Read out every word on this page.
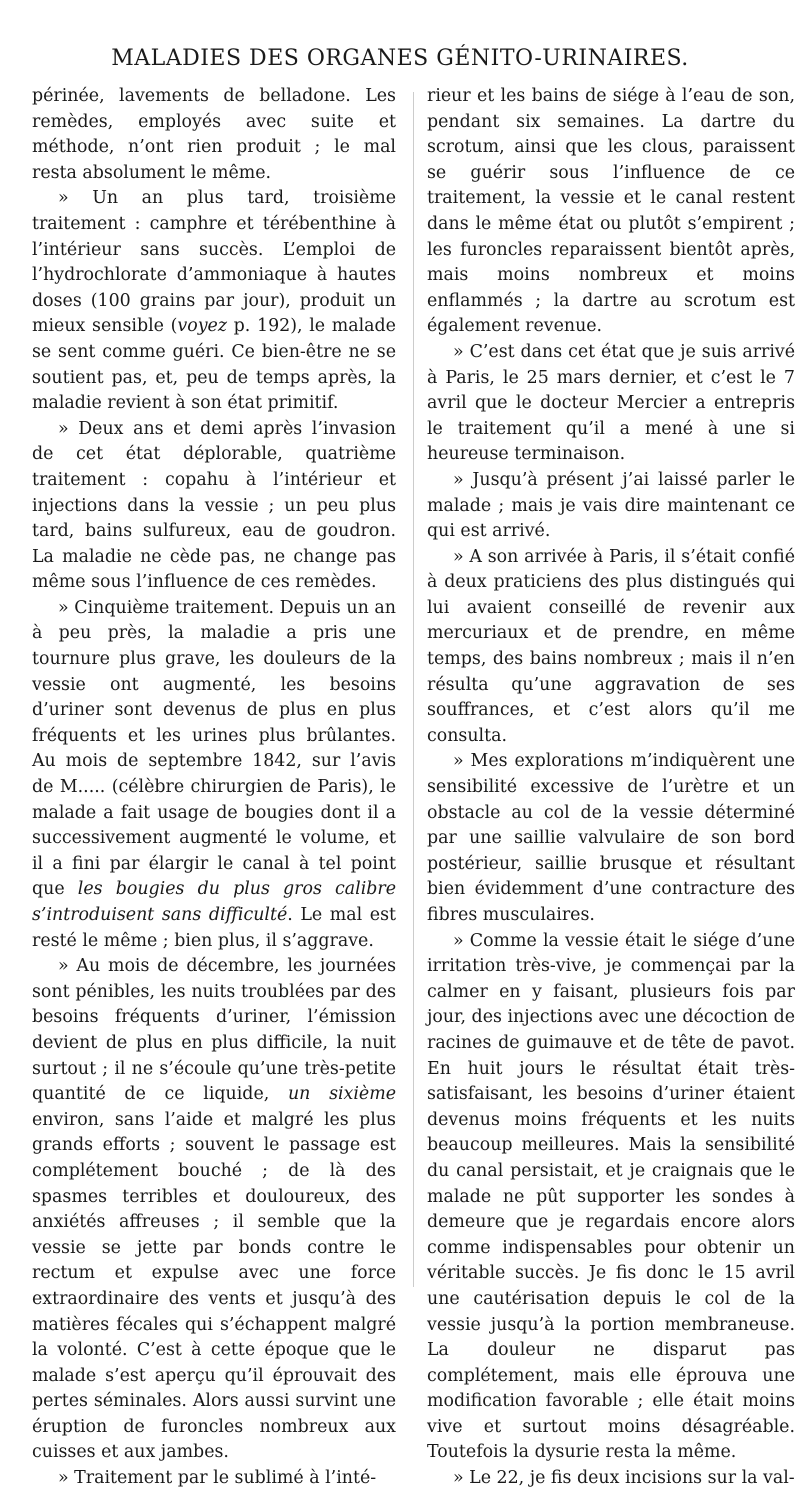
MALADIES DES ORGANES GÉNITO-URINAIRES.

périnée, lavements de belladone. Les remèdes, employés avec suite et méthode, n’ont rien produit ; le mal resta absolument le même.

» Un an plus tard, troisième traitement : camphre et térébenthine à l’intérieur sans succès. L’emploi de l’hydrochlorate d’ammoniaque à hautes doses (100 grains par jour), produit un mieux sensible (voyez p. 192), le malade se sent comme guéri. Ce bien-être ne se soutient pas, et, peu de temps après, la maladie revient à son état primitif.

» Deux ans et demi après l’invasion de cet état déplorable, quatrième traitement : copahu à l’intérieur et injections dans la vessie ; un peu plus tard, bains sulfureux, eau de goudron. La maladie ne cède pas, ne change pas même sous l’influence de ces remèdes.

» Cinquième traitement. Depuis un an à peu près, la maladie a pris une tournure plus grave, les douleurs de la vessie ont augmenté, les besoins d’uriner sont devenus de plus en plus fréquents et les urines plus brûlantes. Au mois de septembre 1842, sur l’avis de M..... (célèbre chirurgien de Paris), le malade a fait usage de bougies dont il a successivement augmenté le volume, et il a fini par élargir le canal à tel point que les bougies du plus gros calibre s’introduisent sans difficulté. Le mal est resté le même ; bien plus, il s’aggrave.

» Au mois de décembre, les journées sont pénibles, les nuits troublées par des besoins fréquents d’uriner, l’émission devient de plus en plus difficile, la nuit surtout ; il ne s’écoule qu’une très-petite quantité de ce liquide, un sixième environ, sans l’aide et malgré les plus grands efforts ; souvent le passage est complétement bouché ; de là des spasmes terribles et douloureux, des anxiétés affreuses ; il semble que la vessie se jette par bonds contre le rectum et expulse avec une force extraordinaire des vents et jusqu’à des matières fécales qui s’échappent malgré la volonté. C’est à cette époque que le malade s’est aperçu qu’il éprouvait des pertes séminales. Alors aussi survint une éruption de furoncles nombreux aux cuisses et aux jambes.

» Traitement par le sublimé à l’inté-

rieur et les bains de siége à l’eau de son, pendant six semaines. La dartre du scrotum, ainsi que les clous, paraissent se guérir sous l’influence de ce traitement, la vessie et le canal restent dans le même état ou plutôt s’empirent ; les furoncles reparaissent bientôt après, mais moins nombreux et moins enflammés ; la dartre au scrotum est également revenue.

» C’est dans cet état que je suis arrivé à Paris, le 25 mars dernier, et c’est le 7 avril que le docteur Mercier a entrepris le traitement qu’il a mené à une si heureuse terminaison.

» Jusqu’à présent j’ai laissé parler le malade ; mais je vais dire maintenant ce qui est arrivé.

» A son arrivée à Paris, il s’était confié à deux praticiens des plus distingués qui lui avaient conseillé de revenir aux mercuriaux et de prendre, en même temps, des bains nombreux ; mais il n’en résulta qu’une aggravation de ses souffrances, et c’est alors qu’il me consulta.

» Mes explorations m’indiquèrent une sensibilité excessive de l’urètre et un obstacle au col de la vessie déterminé par une saillie valvulaire de son bord postérieur, saillie brusque et résultant bien évidemment d’une contracture des fibres musculaires.

» Comme la vessie était le siége d’une irritation très-vive, je commençai par la calmer en y faisant, plusieurs fois par jour, des injections avec une décoction de racines de guimauve et de tête de pavot. En huit jours le résultat était très-satisfaisant, les besoins d’uriner étaient devenus moins fréquents et les nuits beaucoup meilleures. Mais la sensibilité du canal persistait, et je craignais que le malade ne pût supporter les sondes à demeure que je regardais encore alors comme indispensables pour obtenir un véritable succès. Je fis donc le 15 avril une cautérisation depuis le col de la vessie jusqu’à la portion membraneuse. La douleur ne disparut pas complétement, mais elle éprouva une modification favorable ; elle était moins vive et surtout moins désagréable. Toutefois la dysurie resta la même.

» Le 22, je fis deux incisions sur la val-
